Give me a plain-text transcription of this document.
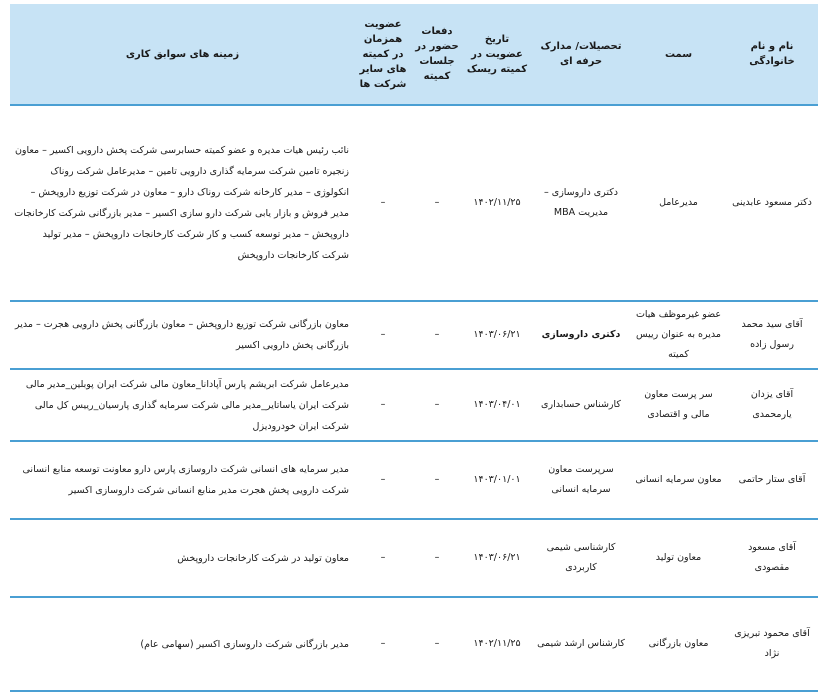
نام و نام خانوادگی	سمت	تحصیلات/ مدارک حرفه ای	تاریخ عضویت در کمیته ریسک	دفعات حضور در جلسات کمیته	عضویت همزمان در کمیته های سایر شرکت ها	زمینه های سوابق کاری
دکتر مسعود عابدینی	مدیرعامل	دکتری داروسازی – مدیریت MBA	۱۴۰۲/۱۱/۲۵	–	–	نائب رئیس هیات مدیره و عضو کمیته حسابرسی شرکت پخش دارویی اکسیر – معاون زنجیره تامین شرکت سرمایه گذاری دارویی تامین – مدیرعامل شرکت روناک انکولوژی – مدیر کارخانه شرکت روناک دارو – معاون در شرکت توزیع داروپخش – مدیر فروش و بازار یابی شرکت دارو سازی اکسیر – مدیر بازرگانی شرکت کارخانجات داروپخش – مدیر توسعه کسب و کار شرکت کارخانجات داروپخش – مدیر تولید شرکت کارخانجات داروپخش
آقای سید محمد رسول زاده	عضو غیرموظف هیات مدیره به عنوان رییس کمیته	دکتری داروسازی	۱۴۰۳/۰۶/۲۱	–	–	معاون بازرگانی شرکت توزیع داروپخش – معاون بازرگانی پخش دارویی هجرت – مدیر بازرگانی پخش دارویی اکسیر
آقای یزدان یارمحمدی	سر پرست معاون مالی و اقتصادی	کارشناس حسابداری	۱۴۰۳/۰۴/۰۱	–	–	مدیرعامل شرکت ابریشم پارس آپادانا_معاون مالی شرکت ایران پوبلین_مدیر مالی شرکت ایران یاساتایر_مدیر مالی شرکت سرمایه گذاری پارسیان_رییس کل مالی شرکت ایران خودرودیزل
آقای ستار حاتمی	معاون سرمایه انسانی	سرپرست معاون سرمایه انسانی	۱۴۰۳/۰۱/۰۱	–	–	مدیر سرمایه های انسانی شرکت داروسازی پارس دارو معاونت توسعه منابع انسانی شرکت دارویی پخش هجرت مدیر منابع انسانی شرکت داروسازی اکسیر
آقای مسعود مقصودی	معاون تولید	کارشناسی شیمی کاربردی	۱۴۰۳/۰۶/۲۱	–	–	معاون تولید در شرکت کارخانجات داروپخش
آقای محمود تبریزی نژاد	معاون بازرگانی	کارشناس ارشد شیمی	۱۴۰۲/۱۱/۲۵	–	–	مدیر بازرگانی شرکت داروسازی اکسیر (سهامی عام)
